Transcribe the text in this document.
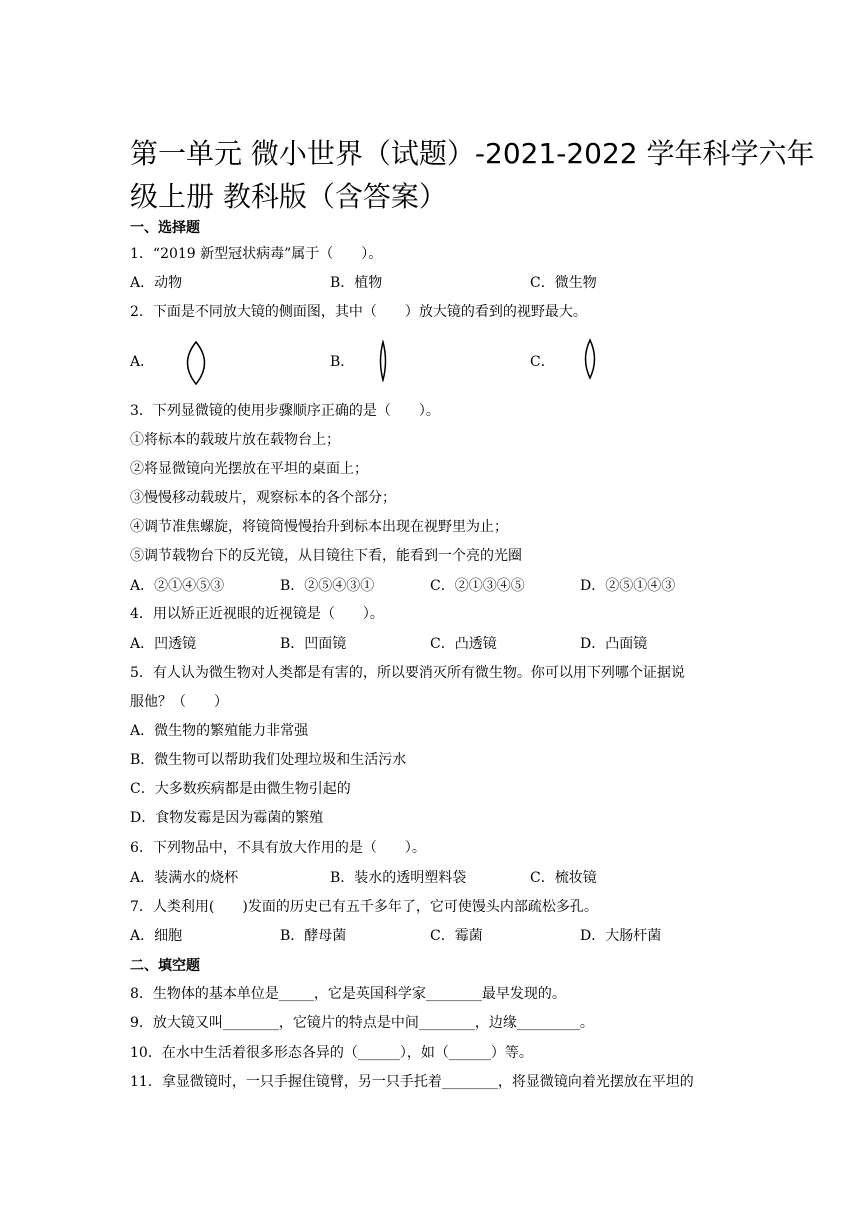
第一单元 微小世界（试题）-2021-2022 学年科学六年
级上册 教科版（含答案）
一、选择题
1．“2019 新型冠状病毒”属于（　　）。
A．动物	B．植物	C．微生物
2．下面是不同放大镜的侧面图，其中（　　）放大镜的看到的视野最大。
A．	B．	C．
3．下列显微镜的使用步骤顺序正确的是（　　）。
①将标本的载玻片放在载物台上；
②将显微镜向光摆放在平坦的桌面上；
③慢慢移动载玻片，观察标本的各个部分；
④调节准焦螺旋，将镜筒慢慢抬升到标本出现在视野里为止；
⑤调节载物台下的反光镜，从目镜往下看，能看到一个亮的光圈
A．②①④⑤③	B．②⑤④③①	C．②①③④⑤	D．②⑤①④③
4．用以矫正近视眼的近视镜是（　　）。
A．凹透镜	B．凹面镜	C．凸透镜	D．凸面镜
5．有人认为微生物对人类都是有害的，所以要消灭所有微生物。你可以用下列哪个证据说
服他？（　　）
A．微生物的繁殖能力非常强
B．微生物可以帮助我们处理垃圾和生活污水
C．大多数疾病都是由微生物引起的
D．食物发霉是因为霉菌的繁殖
6．下列物品中，不具有放大作用的是（　　）。
A．装满水的烧杯	B．装水的透明塑料袋	C．梳妆镜
7．人类利用(　　)发面的历史已有五千多年了，它可使馒头内部疏松多孔。
A．细胞	B．酵母菌	C．霉菌	D．大肠杆菌
二、填空题
8．生物体的基本单位是_____，它是英国科学家________最早发现的。
9．放大镜又叫________，它镜片的特点是中间________，边缘_________。
10．在水中生活着很多形态各异的（______），如（______）等。
11．拿显微镜时，一只手握住镜臂，另一只手托着________，将显微镜向着光摆放在平坦的
